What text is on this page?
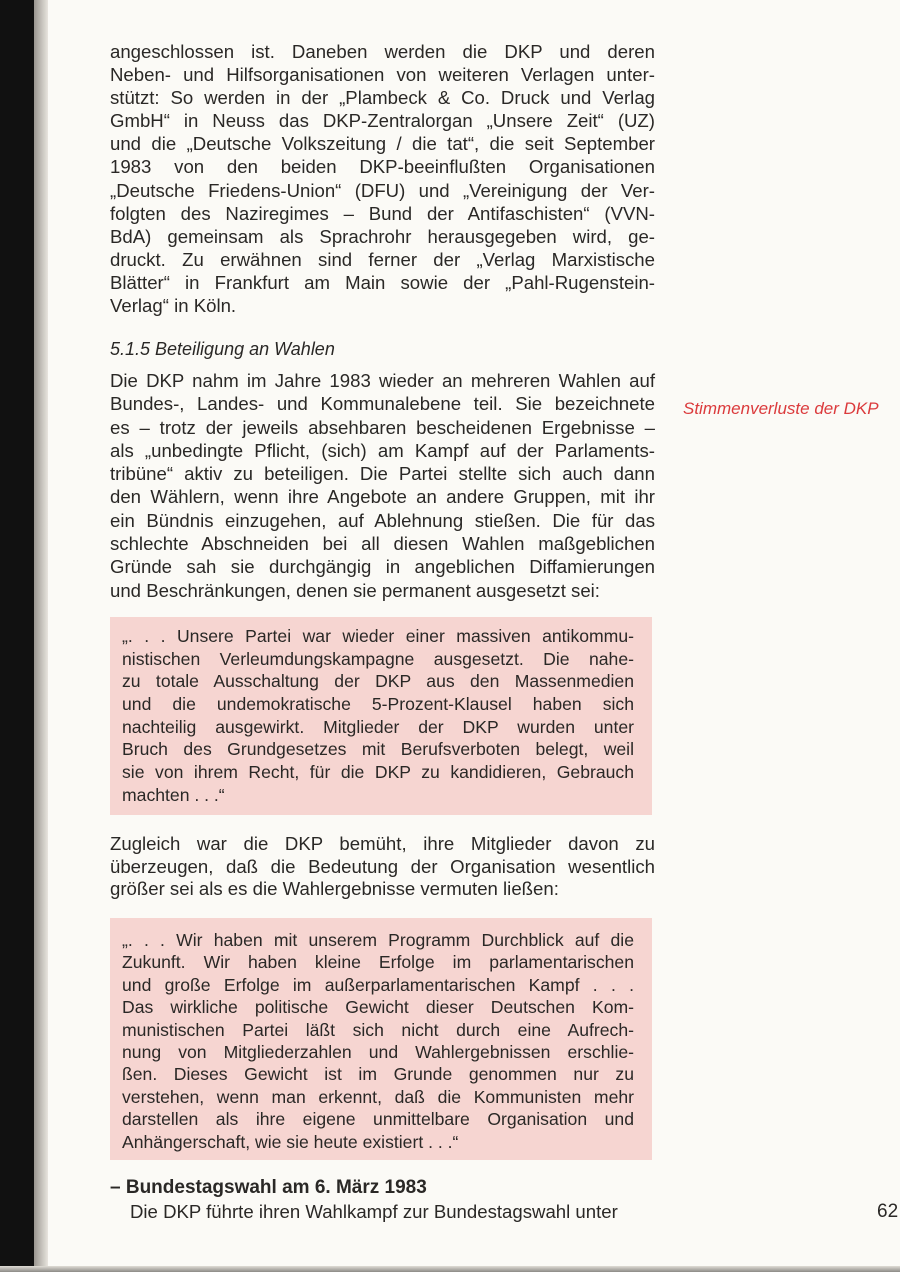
angeschlossen ist. Daneben werden die DKP und deren
Neben- und Hilfsorganisationen von weiteren Verlagen unter-
stützt: So werden in der „Plambeck & Co. Druck und Verlag
GmbH“ in Neuss das DKP-Zentralorgan „Unsere Zeit“ (UZ)
und die „Deutsche Volkszeitung / die tat“, die seit September
1983 von den beiden DKP-beeinflußten Organisationen
„Deutsche Friedens-Union“ (DFU) und „Vereinigung der Ver-
folgten des Naziregimes – Bund der Antifaschisten“ (VVN-
BdA) gemeinsam als Sprachrohr herausgegeben wird, ge-
druckt. Zu erwähnen sind ferner der „Verlag Marxistische
Blätter“ in Frankfurt am Main sowie der „Pahl-Rugenstein-
Verlag“ in Köln.
5.1.5 Beteiligung an Wahlen
Stimmenverluste der DKP
Die DKP nahm im Jahre 1983 wieder an mehreren Wahlen auf
Bundes-, Landes- und Kommunalebene teil. Sie bezeichnete
es – trotz der jeweils absehbaren bescheidenen Ergebnisse –
als „unbedingte Pflicht, (sich) am Kampf auf der Parlaments-
tribüne“ aktiv zu beteiligen. Die Partei stellte sich auch dann
den Wählern, wenn ihre Angebote an andere Gruppen, mit ihr
ein Bündnis einzugehen, auf Ablehnung stießen. Die für das
schlechte Abschneiden bei all diesen Wahlen maßgeblichen
Gründe sah sie durchgängig in angeblichen Diffamierungen
und Beschränkungen, denen sie permanent ausgesetzt sei:
„. . . Unsere Partei war wieder einer massiven antikommu-
nistischen Verleumdungskampagne ausgesetzt. Die nahe-
zu totale Ausschaltung der DKP aus den Massenmedien
und die undemokratische 5-Prozent-Klausel haben sich
nachteilig ausgewirkt. Mitglieder der DKP wurden unter
Bruch des Grundgesetzes mit Berufsverboten belegt, weil
sie von ihrem Recht, für die DKP zu kandidieren, Gebrauch
machten . . .“
Zugleich war die DKP bemüht, ihre Mitglieder davon zu
überzeugen, daß die Bedeutung der Organisation wesentlich
größer sei als es die Wahlergebnisse vermuten ließen:
„. . . Wir haben mit unserem Programm Durchblick auf die
Zukunft. Wir haben kleine Erfolge im parlamentarischen
und große Erfolge im außerparlamentarischen Kampf . . .
Das wirkliche politische Gewicht dieser Deutschen Kom-
munistischen Partei läßt sich nicht durch eine Aufrech-
nung von Mitgliederzahlen und Wahlergebnissen erschlie-
ßen. Dieses Gewicht ist im Grunde genommen nur zu
verstehen, wenn man erkennt, daß die Kommunisten mehr
darstellen als ihre eigene unmittelbare Organisation und
Anhängerschaft, wie sie heute existiert . . .“
– Bundestagswahl am 6. März 1983
Die DKP führte ihren Wahlkampf zur Bundestagswahl unter	62
